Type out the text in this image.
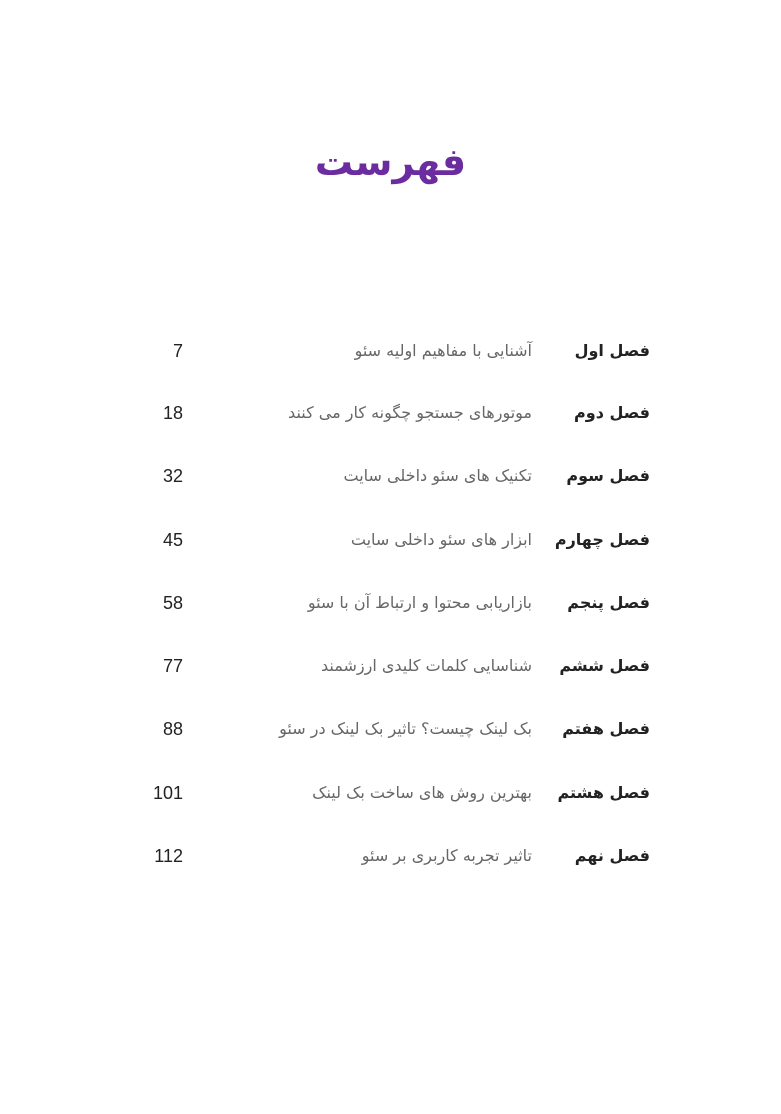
فهرست
فصل اول
آشنایی با مفاهیم اولیه سئو
7
فصل دوم
موتورهای جستجو چگونه کار می کنند
18
فصل سوم
تکنیک های سئو داخلی سایت
32
فصل چهارم
ابزار های سئو داخلی سایت
45
فصل پنجم
بازاریابی محتوا و ارتباط آن با سئو
58
فصل ششم
شناسایی کلمات کلیدی ارزشمند
77
فصل هفتم
بک لینک چیست؟ تاثیر بک لینک در سئو
88
فصل هشتم
بهترین روش های ساخت بک لینک
101
فصل نهم
تاثیر تجربه کاربری بر سئو
112
